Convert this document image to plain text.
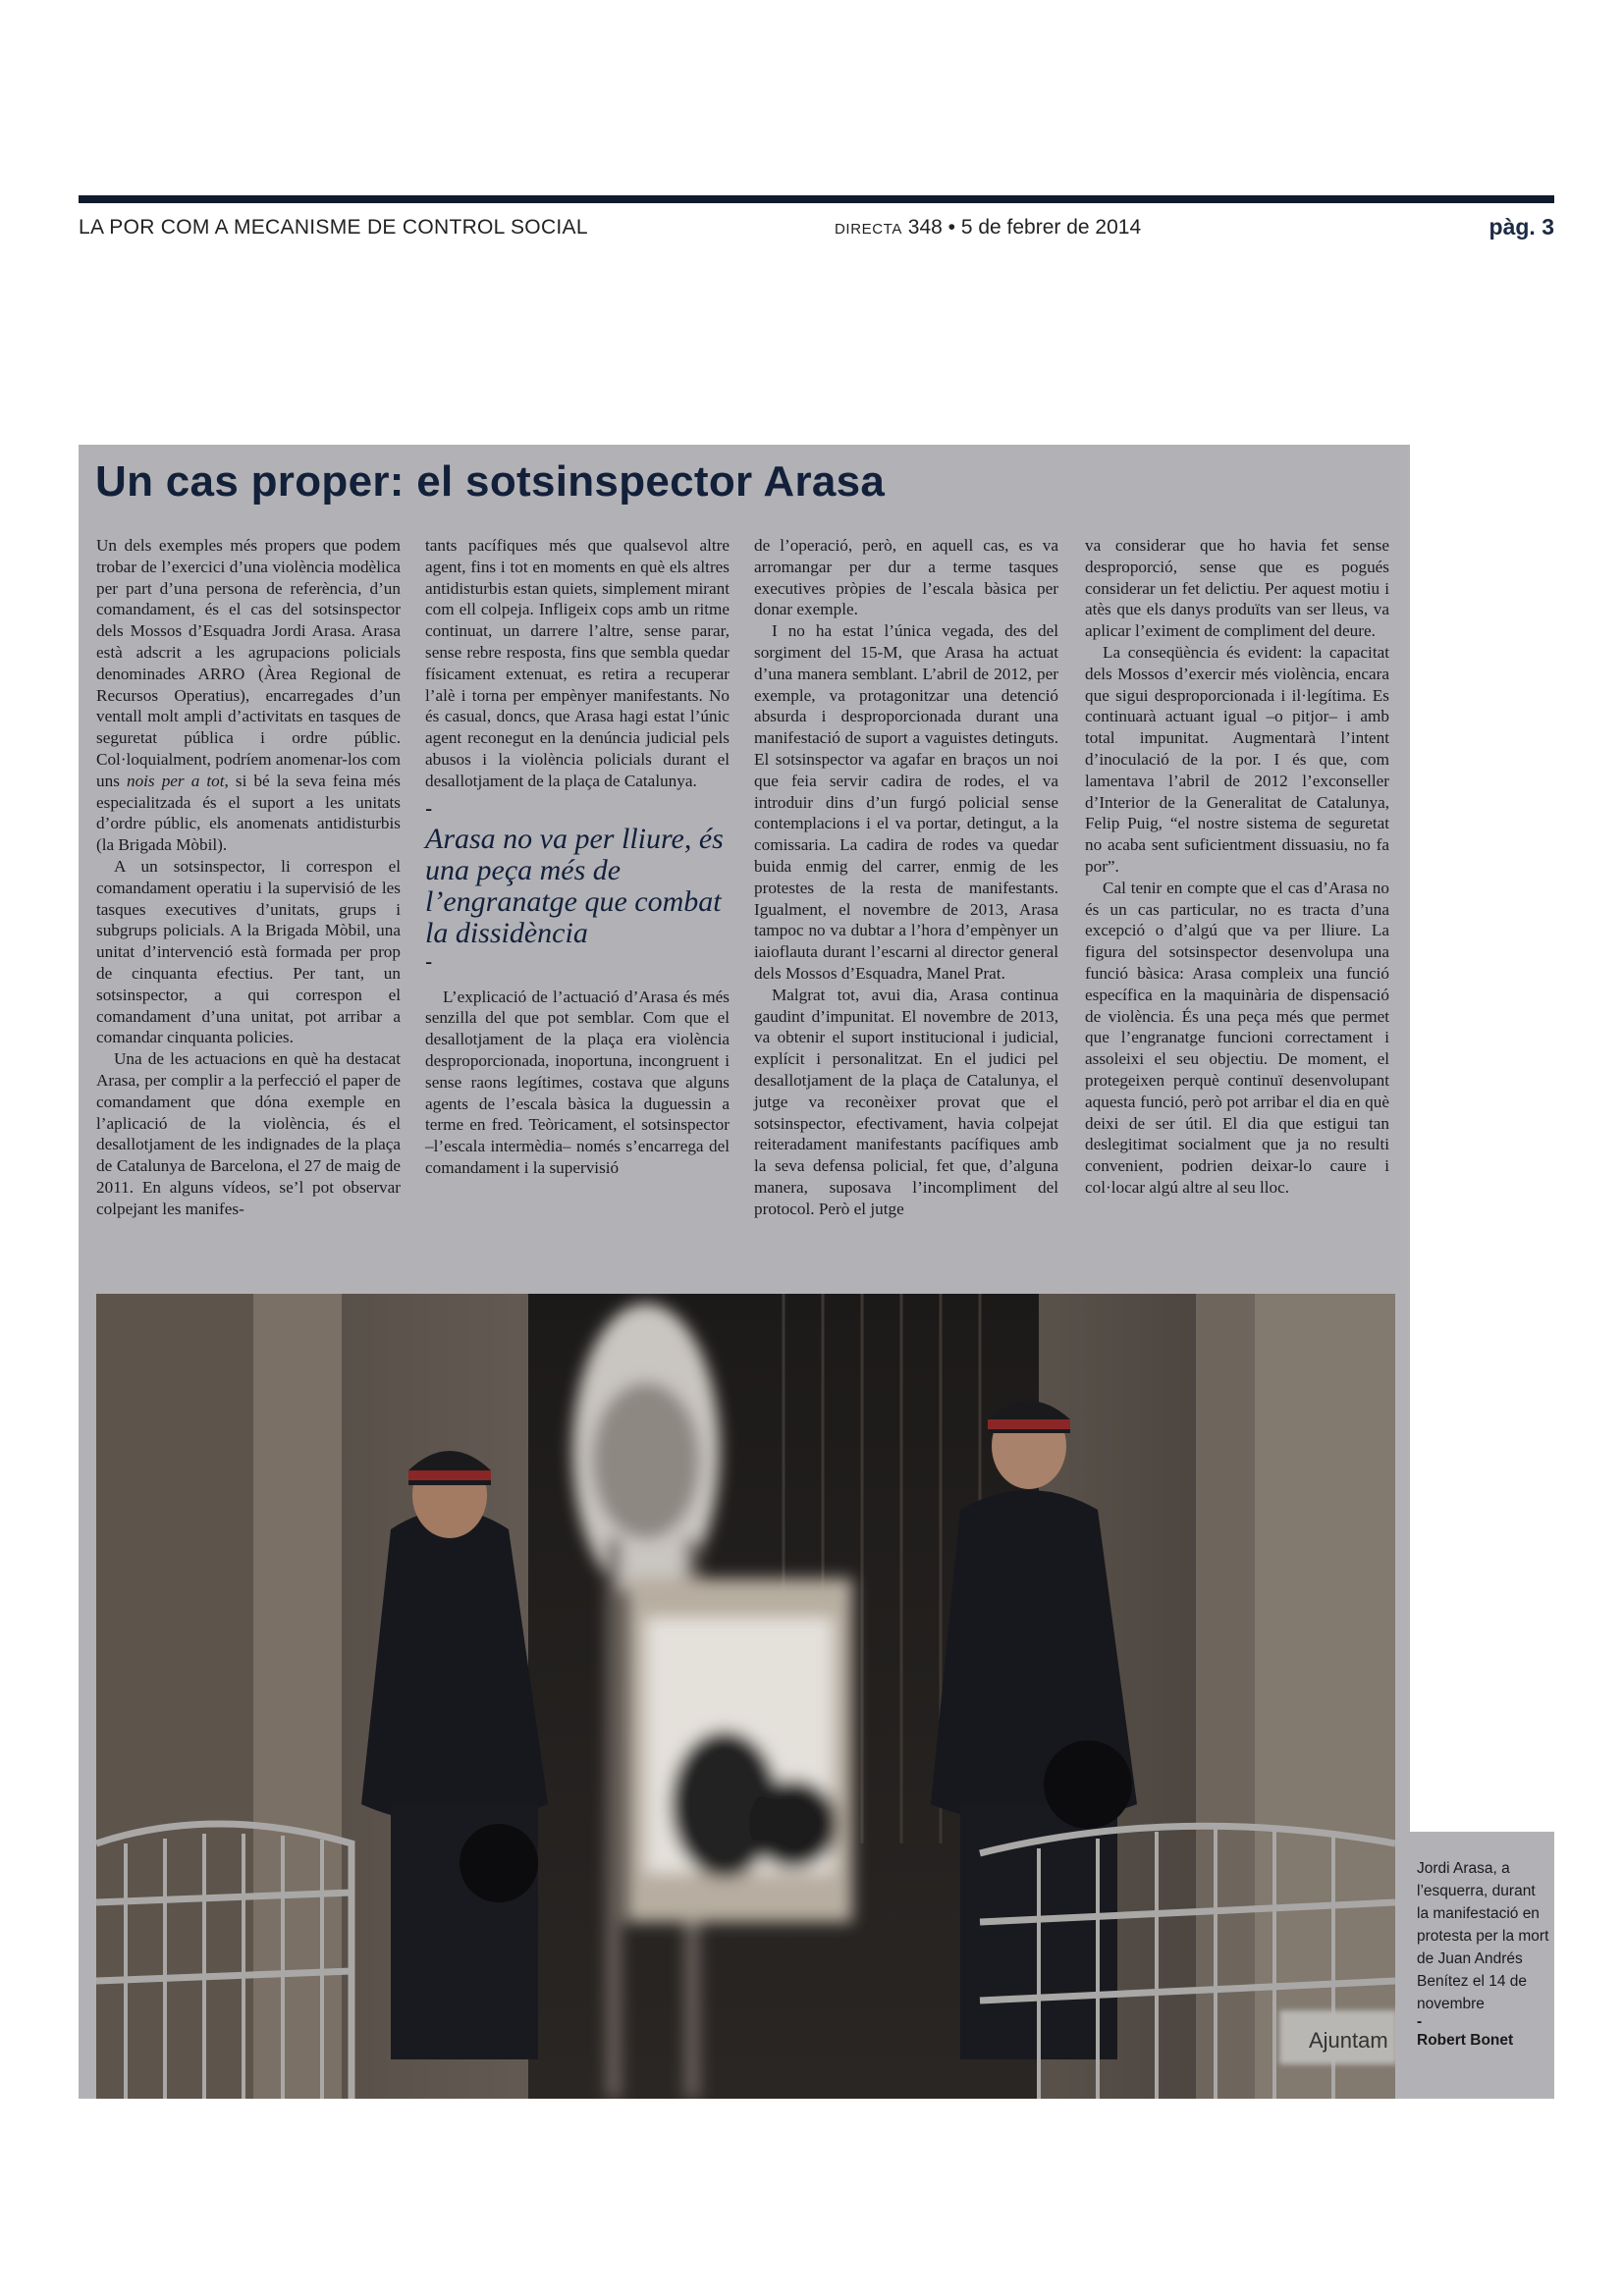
LA POR COM A MECANISME DE CONTROL SOCIAL	DIRECTA 348 • 5 de febrer de 2014	pàg. 3
Un cas proper: el sotsinspector Arasa

Un dels exemples més propers que podem trobar de l’exercici d’una violència modèlica per part d’una persona de referència, d’un comandament, és el cas del sotsinspector dels Mossos d’Esquadra Jordi Arasa. Arasa està adscrit a les agrupacions policials denominades ARRO (Àrea Regional de Recursos Operatius), encarregades d’un ventall molt ampli d’activitats en tasques de seguretat pública i ordre públic. Col·loquialment, podríem anomenar-los com uns nois per a tot, si bé la seva feina més especialitzada és el suport a les unitats d’ordre públic, els anomenats antidisturbis (la Brigada Mòbil).

A un sotsinspector, li correspon el comandament operatiu i la supervisió de les tasques executives d’unitats, grups i subgrups policials. A la Brigada Mòbil, una unitat d’intervenció està formada per prop de cinquanta efectius. Per tant, un sotsinspector, a qui correspon el comandament d’una unitat, pot arribar a comandar cinquanta policies.

Una de les actuacions en què ha destacat Arasa, per complir a la perfecció el paper de comandament que dóna exemple en l’aplicació de la violència, és el desallotjament de les indignades de la plaça de Catalunya de Barcelona, el 27 de maig de 2011. En alguns vídeos, se’l pot observar colpejant les manifes-

tants pacífiques més que qualsevol altre agent, fins i tot en moments en què els altres antidisturbis estan quiets, simplement mirant com ell colpeja. Infligeix cops amb un ritme continuat, un darrere l’altre, sense parar, sense rebre resposta, fins que sembla quedar físicament extenuat, es retira a recuperar l’alè i torna per empènyer manifestants. No és casual, doncs, que Arasa hagi estat l’únic agent reconegut en la denúncia judicial pels abusos i la violència policials durant el desallotjament de la plaça de Catalunya.

-
Arasa no va per lliure, és una peça més de l’engranatge que combat la dissidència
-

L’explicació de l’actuació d’Arasa és més senzilla del que pot semblar. Com que el desallotjament de la plaça era violència desproporcionada, inoportuna, incongruent i sense raons legítimes, costava que alguns agents de l’escala bàsica la duguessin a terme en fred. Teòricament, el sotsinspector –l’escala intermèdia– només s’encarrega del comandament i la supervisió

de l’operació, però, en aquell cas, es va arromangar per dur a terme tasques executives pròpies de l’escala bàsica per donar exemple.

I no ha estat l’única vegada, des del sorgiment del 15-M, que Arasa ha actuat d’una manera semblant. L’abril de 2012, per exemple, va protagonitzar una detenció absurda i desproporcionada durant una manifestació de suport a vaguistes detinguts. El sotsinspector va agafar en braços un noi que feia servir cadira de rodes, el va introduir dins d’un furgó policial sense contemplacions i el va portar, detingut, a la comissaria. La cadira de rodes va quedar buida enmig del carrer, enmig de les protestes de la resta de manifestants. Igualment, el novembre de 2013, Arasa tampoc no va dubtar a l’hora d’empènyer un iaioflauta durant l’escarni al director general dels Mossos d’Esquadra, Manel Prat.

Malgrat tot, avui dia, Arasa continua gaudint d’impunitat. El novembre de 2013, va obtenir el suport institucional i judicial, explícit i personalitzat. En el judici pel desallotjament de la plaça de Catalunya, el jutge va reconèixer provat que el sotsinspector, efectivament, havia colpejat reiteradament manifestants pacífiques amb la seva defensa policial, fet que, d’alguna manera, suposava l’incompliment del protocol. Però el jutge

va considerar que ho havia fet sense desproporció, sense que es pogués considerar un fet delictiu. Per aquest motiu i atès que els danys produïts van ser lleus, va aplicar l’eximent de compliment del deure.

La conseqüència és evident: la capacitat dels Mossos d’exercir més violència, encara que sigui desproporcionada i il·legítima. Es continuarà actuant igual –o pitjor– i amb total impunitat. Augmentarà l’intent d’inoculació de la por. I és que, com lamentava l’abril de 2012 l’exconseller d’Interior de la Generalitat de Catalunya, Felip Puig, “el nostre sistema de seguretat no acaba sent suficientment dissuasiu, no fa por”.

Cal tenir en compte que el cas d’Arasa no és un cas particular, no es tracta d’una excepció o d’algú que va per lliure. La figura del sotsinspector desenvolupa una funció bàsica: Arasa compleix una funció específica en la maquinària de dispensació de violència. És una peça més que permet que l’engranatge funcioni correctament i assoleixi el seu objectiu. De moment, el protegeixen perquè continuï desenvolupant aquesta funció, però pot arribar el dia en què deixi de ser útil. El dia que estigui tan deslegitimat socialment que ja no resulti convenient, podrien deixar-lo caure i col·locar algú altre al seu lloc.

Ajuntam
Jordi Arasa, a l’esquerra, durant la manifestació en protesta per la mort de Juan Andrés Benítez el 14 de novembre
-
Robert Bonet
